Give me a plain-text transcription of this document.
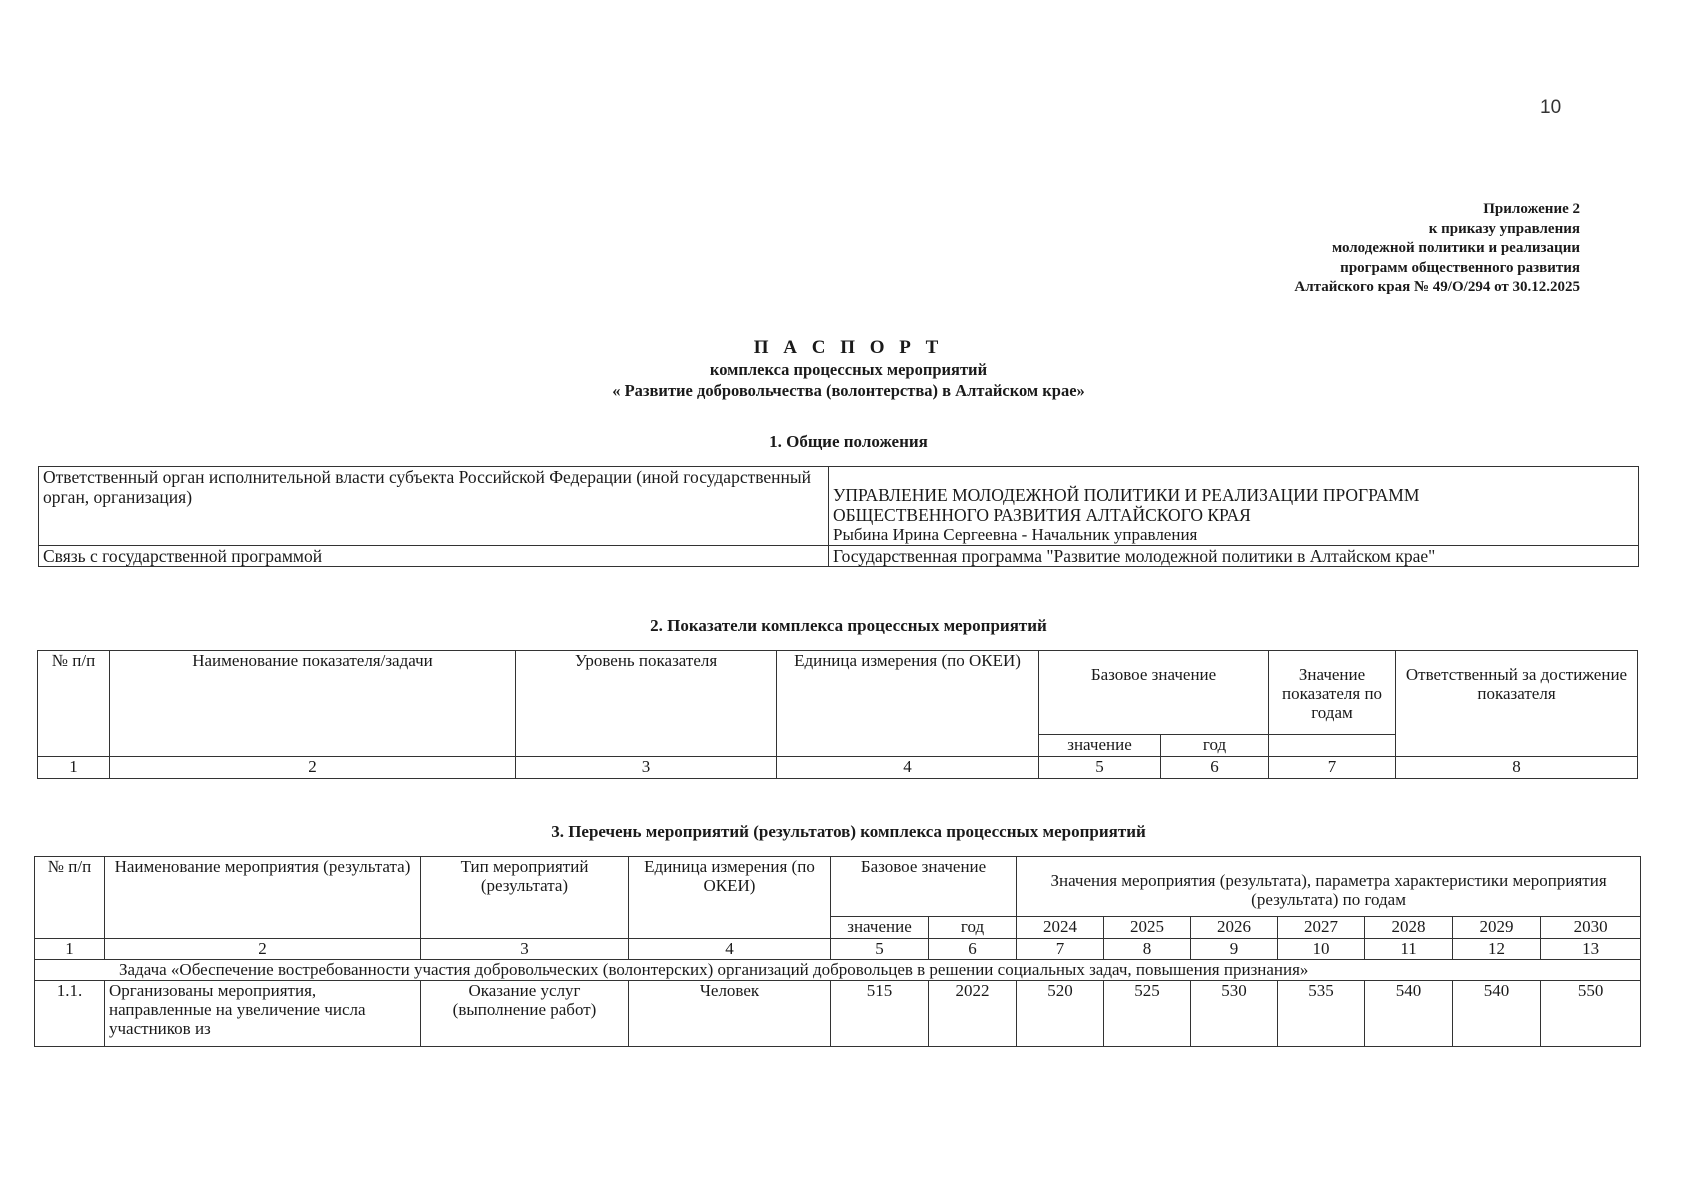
10
Приложение 2
к приказу управления
молодежной политики и реализации
программ общественного развития
Алтайского края № 49/О/294 от 30.12.2025
П А С П О Р Т
комплекса процессных мероприятий
« Развитие добровольчества (волонтерства) в Алтайском крае»
1. Общие положения
Ответственный орган исполнительной власти субъекта Российской Федерации (иной государственный орган, организация)	УПРАВЛЕНИЕ МОЛОДЕЖНОЙ ПОЛИТИКИ И РЕАЛИЗАЦИИ ПРОГРАММ
ОБЩЕСТВЕННОГО РАЗВИТИЯ АЛТАЙСКОГО КРАЯ
Рыбина Ирина Сергеевна - Начальник управления

Связь с государственной программой	Государственная программа "Развитие молодежной политики в Алтайском крае"
2. Показатели комплекса процессных мероприятий
№ п/п	Наименование показателя/задачи	Уровень показателя	Единица измерения (по ОКЕИ)	Базовое значение		Значение показателя по годам	Ответственный за достижение показателя
				значение	год		
1	2	3	4	5	6	7	8
3. Перечень мероприятий (результатов) комплекса процессных мероприятий
№ п/п	Наименование мероприятия (результата)	Тип мероприятий (результата)	Единица измерения (по ОКЕИ)	Базовое значение		Значения мероприятия (результата), параметра характеристики мероприятия (результата) по годам						
				значение	год	2024	2025	2026	2027	2028	2029	2030
1	2	3	4	5	6	7	8	9	10	11	12	13
Задача «Обеспечение востребованности участия добровольческих (волонтерских) организаций добровольцев в решении социальных задач, повышения признания»												
1.1.	Организованы мероприятия, направленные на увеличение числа участников из	Оказание услуг (выполнение работ)	Человек	515	2022	520	525	530	535	540	540	550
